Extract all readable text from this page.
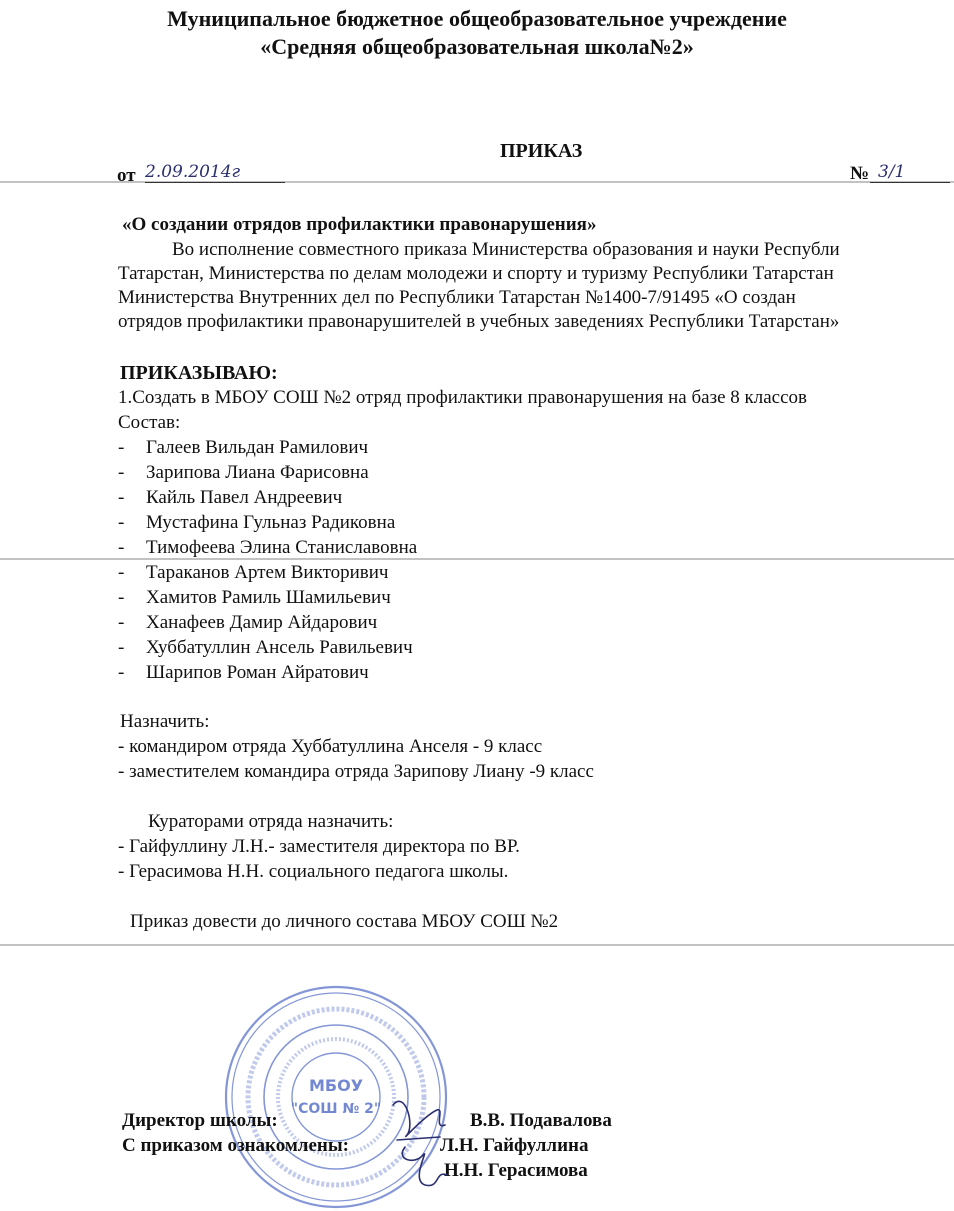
Муниципальное бюджетное общеобразовательное учреждение
«Средняя общеобразовательная школа№2»
ПРИКАЗ
от 2.09.2014г	№ 3/1
«О создании отрядов профилактики правонарушения»
Во исполнение совместного приказа Министерства образования и науки Республи
Татарстан, Министерства по делам молодежи и спорту и туризму Республики Татарстан
Министерства Внутренних дел по Республики Татарстан №1400-7/91495 «О создан
отрядов профилактики правонарушителей в учебных заведениях Республики Татарстан»
ПРИКАЗЫВАЮ:
1.Создать в МБОУ СОШ №2 отряд профилактики правонарушения на базе 8 классов
Состав:
- Галеев Вильдан Рамилович
- Зарипова Лиана Фарисовна
- Кайль Павел Андреевич
- Мустафина Гульназ Радиковна
- Тимофеева Элина Станиславовна
- Тараканов Артем Викторивич
- Хамитов Рамиль Шамильевич
- Ханафеев Дамир Айдарович
- Хуббатуллин Ансель Равильевич
- Шарипов Роман Айратович
Назначить:
- командиром отряда Хуббатуллина Анселя - 9 класс
- заместителем командира отряда Зарипову Лиану -9 класс
Кураторами отряда назначить:
- Гайфуллину Л.Н.- заместителя директора по ВР.
- Герасимова Н.Н. социального педагога школы.
Приказ довести до личного состава МБОУ СОШ №2
МБОУ
"СОШ № 2"
Директор школы:	В.В. Подавалова
С приказом ознакомлены:	Л.Н. Гайфуллина
Н.Н. Герасимова
